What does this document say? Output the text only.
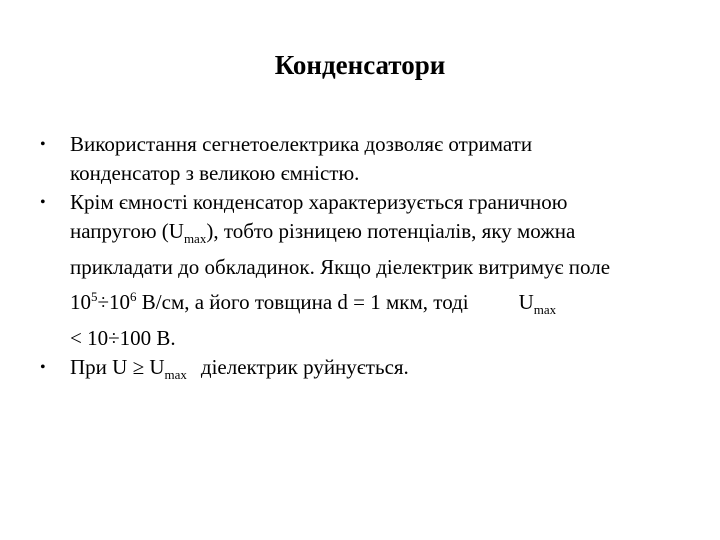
Конденсатори
• Використання сегнетоелектрика дозволяє отримати
конденсатор з великою ємністю.
• Крім ємності конденсатор характеризується граничною
напругою $(U_{max})$, тобто різницею потенціалів, яку можна
прикладати до обкладинок. Якщо діелектрик витримує поле
$10^5\div 10^6$ В/см, а його товщина d = 1 мкм, тоді $U_{max}$
< 10÷100 В.
• При $U \ge U_{max}$ діелектрик руйнується.
